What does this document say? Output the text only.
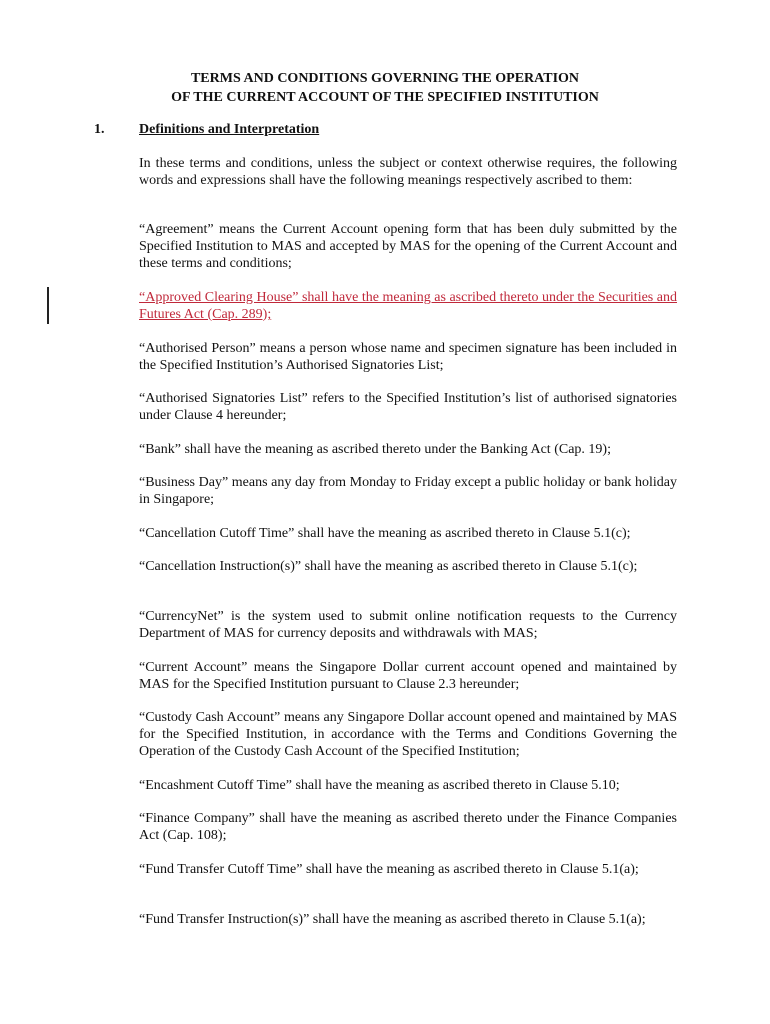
TERMS AND CONDITIONS GOVERNING THE OPERATION
OF THE CURRENT ACCOUNT OF THE SPECIFIED INSTITUTION
1. Definitions and Interpretation

In these terms and conditions, unless the subject or context otherwise requires, the following words and expressions shall have the following meanings respectively ascribed to them:

“Agreement” means the Current Account opening form that has been duly submitted by the Specified Institution to MAS and accepted by MAS for the opening of the Current Account and these terms and conditions;

“Approved Clearing House” shall have the meaning as ascribed thereto under the Securities and Futures Act (Cap. 289);

“Authorised Person” means a person whose name and specimen signature has been included in the Specified Institution’s Authorised Signatories List;

“Authorised Signatories List” refers to the Specified Institution’s list of authorised signatories under Clause 4 hereunder;

“Bank” shall have the meaning as ascribed thereto under the Banking Act (Cap. 19);

“Business Day” means any day from Monday to Friday except a public holiday or bank holiday in Singapore;

“Cancellation Cutoff Time” shall have the meaning as ascribed thereto in Clause 5.1(c);

“Cancellation Instruction(s)” shall have the meaning as ascribed thereto in Clause 5.1(c);

“CurrencyNet” is the system used to submit online notification requests to the Currency Department of MAS for currency deposits and withdrawals with MAS;

“Current Account” means the Singapore Dollar current account opened and maintained by MAS for the Specified Institution pursuant to Clause 2.3 hereunder;

“Custody Cash Account” means any Singapore Dollar account opened and maintained by MAS for the Specified Institution, in accordance with the Terms and Conditions Governing the Operation of the Custody Cash Account of the Specified Institution;

“Encashment Cutoff Time” shall have the meaning as ascribed thereto in Clause 5.10;

“Finance Company” shall have the meaning as ascribed thereto under the Finance Companies Act (Cap. 108);

“Fund Transfer Cutoff Time” shall have the meaning as ascribed thereto in Clause 5.1(a);

“Fund Transfer Instruction(s)” shall have the meaning as ascribed thereto in Clause 5.1(a);
